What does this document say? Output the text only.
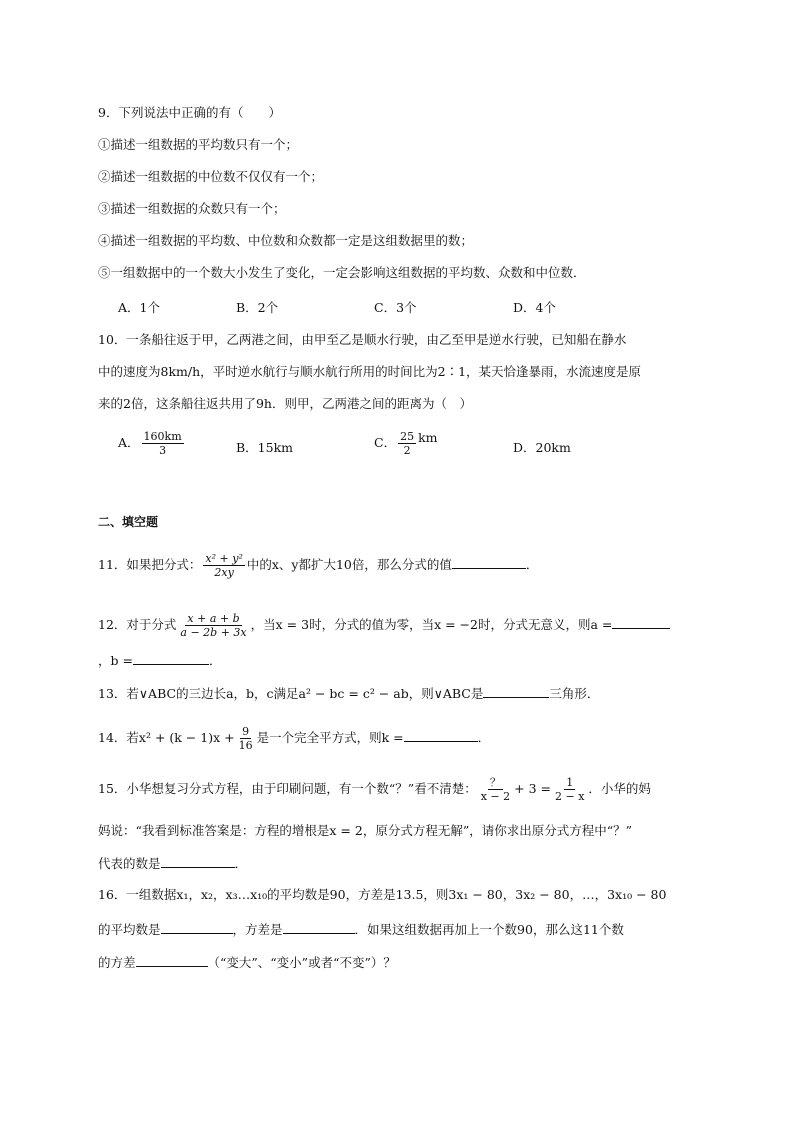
9．下列说法中正确的有（　　）
①描述一组数据的平均数只有一个；
②描述一组数据的中位数不仅仅有一个；
③描述一组数据的众数只有一个；
④描述一组数据的平均数、中位数和众数都一定是这组数据里的数；
⑤一组数据中的一个数大小发生了变化，一定会影响这组数据的平均数、众数和中位数．
A．1个	B．2个	C．3个	D．4个
10．一条船往返于甲，乙两港之间，由甲至乙是顺水行驶，由乙至甲是逆水行驶，已知船在静水
中的速度为8km/h，平时逆水航行与顺水航行所用的时间比为2∶1，某天恰逢暴雨，水流速度是原
来的2倍，这条船往返共用了9h．则甲，乙两港之间的距离为（　）
A． $\frac{160km}{3}$	B．15km	C． $\frac{25}{2}$ km
D．20km
二、填空题
11．如果把分式： $\frac{\text{x² + y²}}{2xy}$ 中的x、y都扩大10倍，那么分式的值	．
12．对于分式 $\frac{x + a + b}{a - 2b + 3x}$ ，当x = 3时，分式的值为零，当x = −2时，分式无意义，则a =
，b =	．
13．若∨ABC的三边长a，b，c满足a² − bc = c² − ab，则∨ABC是	三角形．
14．若$x^2 + (k - 1)x + \frac{9}{16}$ 是一个完全平方式，则k =	．
15．小华想复习分式方程，由于印刷问题，有一个数“？”看不清楚： $\frac{?}{x - 2} + 3 = \frac{1}{2 - x}$ ．小华的妈
妈说：“我看到标准答案是：方程的增根是x = 2，原分式方程无解”，请你求出原分式方程中“？”
代表的数是	．
16．一组数据x₁，x₂，x₃…x₁₀的平均数是90，方差是13.5，则3x₁ − 80，3x₂ − 80，…，3x₁₀ − 80
的平均数是	，方差是	．如果这组数据再加上一个数90，那么这11个数
的方差	（“变大”、“变小”或者“不变”）？
